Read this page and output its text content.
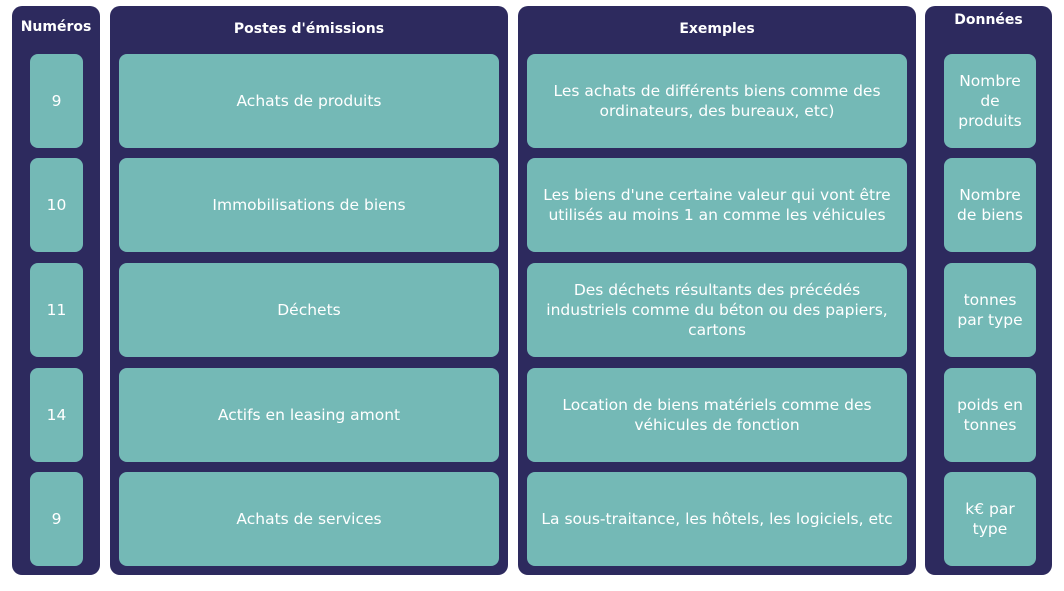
Numéros
9
10
11
14
9
Postes d'émissions
Achats de produits
Immobilisations de biens
Déchets
Actifs en leasing amont
Achats de services
Exemples
Les achats de différents biens comme des ordinateurs, des bureaux, etc)
Les biens d'une certaine valeur qui vont être utilisés au moins 1 an comme les véhicules
Des déchets résultants des précédés industriels comme du béton ou des papiers, cartons
Location de biens matériels comme des véhicules de fonction
La sous-traitance, les hôtels, les logiciels, etc
Données
Nombre de produits
Nombre de biens
tonnes par type
poids en tonnes
k€ par type
